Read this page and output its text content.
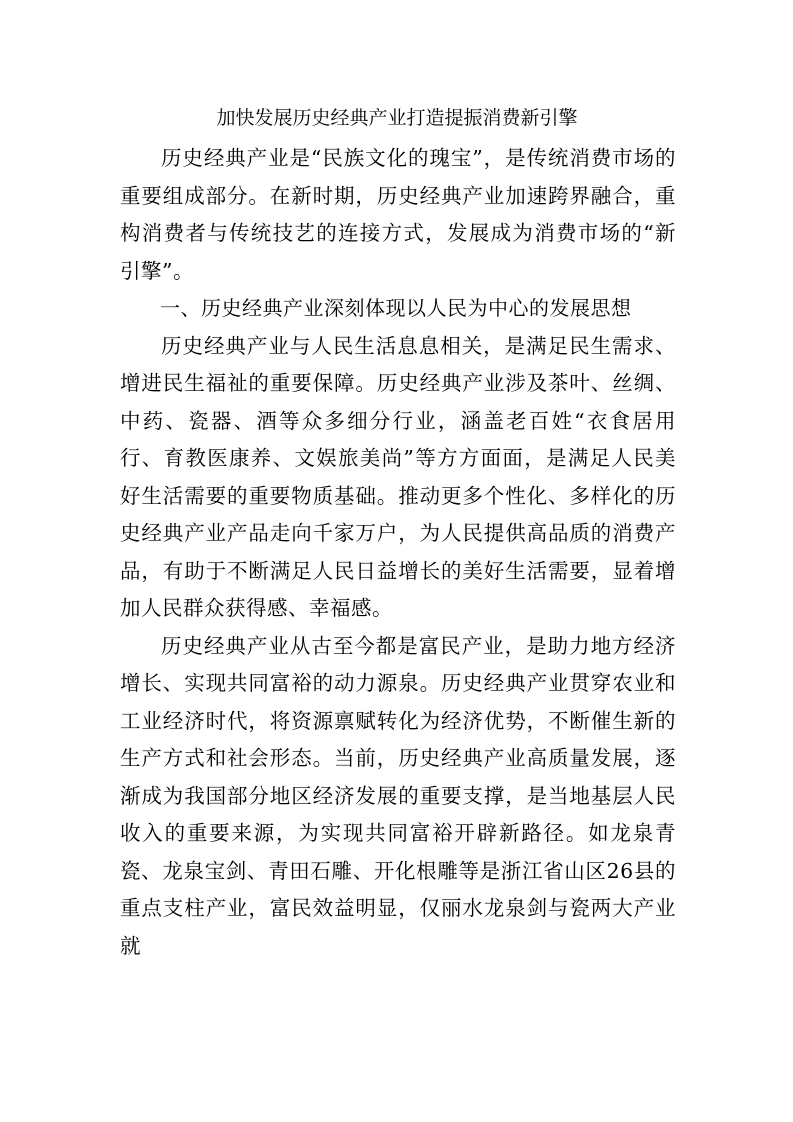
加快发展历史经典产业打造提振消费新引擎

历史经典产业是“民族文化的瑰宝”，是传统消费市场的重要组成部分。在新时期，历史经典产业加速跨界融合，重构消费者与传统技艺的连接方式，发展成为消费市场的“新引擎”。

一、历史经典产业深刻体现以人民为中心的发展思想

历史经典产业与人民生活息息相关，是满足民生需求、增进民生福祉的重要保障。历史经典产业涉及茶叶、丝绸、中药、瓷器、酒等众多细分行业，涵盖老百姓“衣食居用行、育教医康养、文娱旅美尚”等方方面面，是满足人民美好生活需要的重要物质基础。推动更多个性化、多样化的历史经典产业产品走向千家万户，为人民提供高品质的消费产品，有助于不断满足人民日益增长的美好生活需要，显着增加人民群众获得感、幸福感。

历史经典产业从古至今都是富民产业，是助力地方经济增长、实现共同富裕的动力源泉。历史经典产业贯穿农业和工业经济时代，将资源禀赋转化为经济优势，不断催生新的生产方式和社会形态。当前，历史经典产业高质量发展，逐渐成为我国部分地区经济发展的重要支撑，是当地基层人民收入的重要来源，为实现共同富裕开辟新路径。如龙泉青瓷、龙泉宝剑、青田石雕、开化根雕等是浙江省山区26县的重点支柱产业，富民效益明显，仅丽水龙泉剑与瓷两大产业就
